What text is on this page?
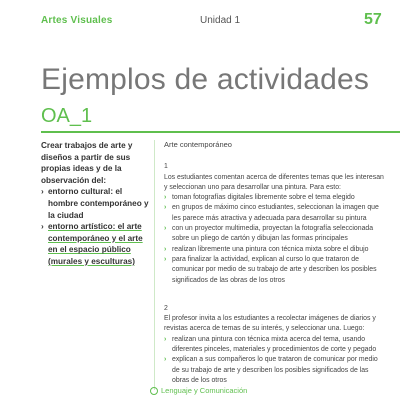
Artes Visuales	Unidad 1	57
Ejemplos de actividades
OA_1
Crear trabajos de arte y diseños a partir de sus propias ideas y de la observación del:
› entorno cultural: el hombre contemporáneo y la ciudad
› entorno artístico: el arte contemporáneo y el arte en el espacio público (murales y esculturas)
Arte contemporáneo
1
Los estudiantes comentan acerca de diferentes temas que les interesan y seleccionan uno para desarrollar una pintura. Para esto:
› toman fotografías digitales libremente sobre el tema elegido
› en grupos de máximo cinco estudiantes, seleccionan la imagen que les parece más atractiva y adecuada para desarrollar su pintura
› con un proyector multimedia, proyectan la fotografía seleccionada sobre un pliego de cartón y dibujan las formas principales
› realizan libremente una pintura con técnica mixta sobre el dibujo
› para finalizar la actividad, explican al curso lo que trataron de comunicar por medio de su trabajo de arte y describen los posibles significados de las obras de los otros
2
El profesor invita a los estudiantes a recolectar imágenes de diarios y revistas acerca de temas de su interés, y seleccionar una. Luego:
› realizan una pintura con técnica mixta acerca del tema, usando diferentes pinceles, materiales y procedimientos de corte y pegado
› explican a sus compañeros lo que trataron de comunicar por medio de su trabajo de arte y describen los posibles significados de las obras de los otros
Lenguaje y Comunicación
